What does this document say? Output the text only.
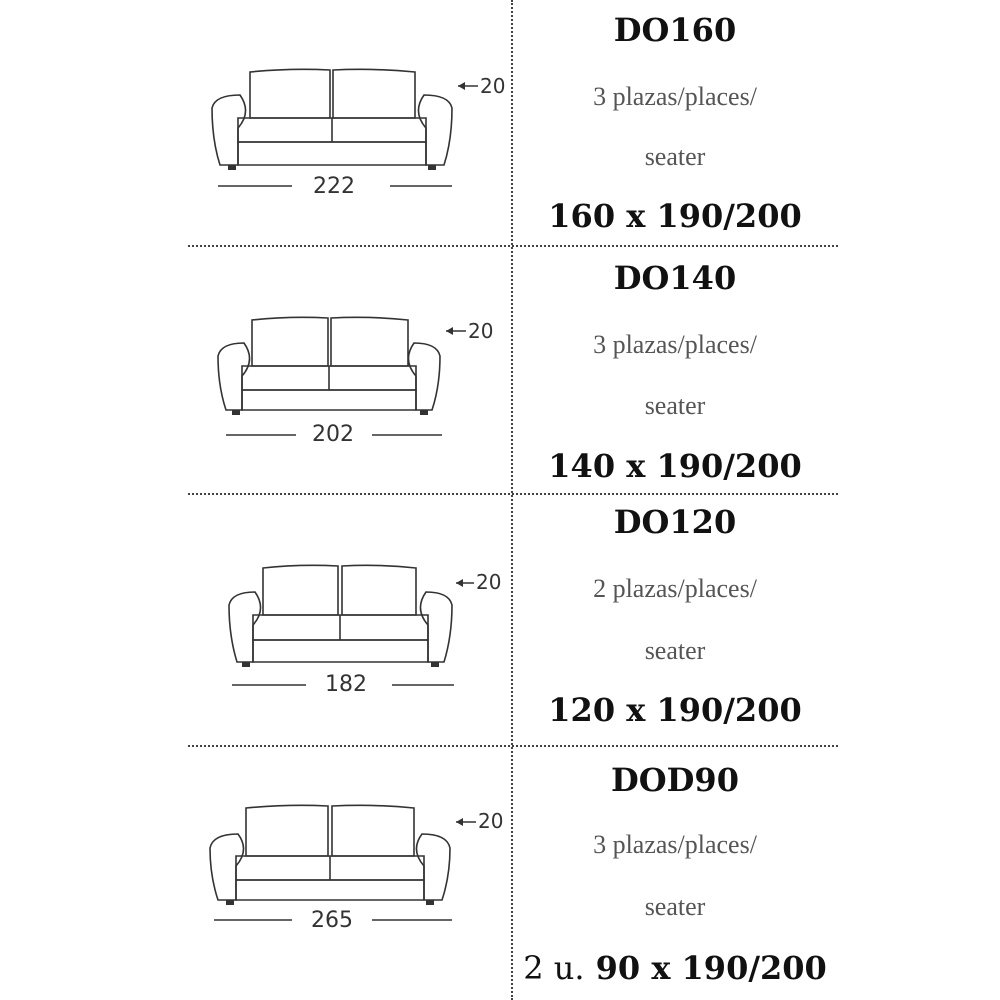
222
20
DO160
3 plazas/places/
seater
160 x 190/200
202
20
DO140
3 plazas/places/
seater
140 x 190/200
182
20
DO120
2 plazas/places/
seater
120 x 190/200
265
20
DOD90
3 plazas/places/
seater
2 u. 90 x 190/200
